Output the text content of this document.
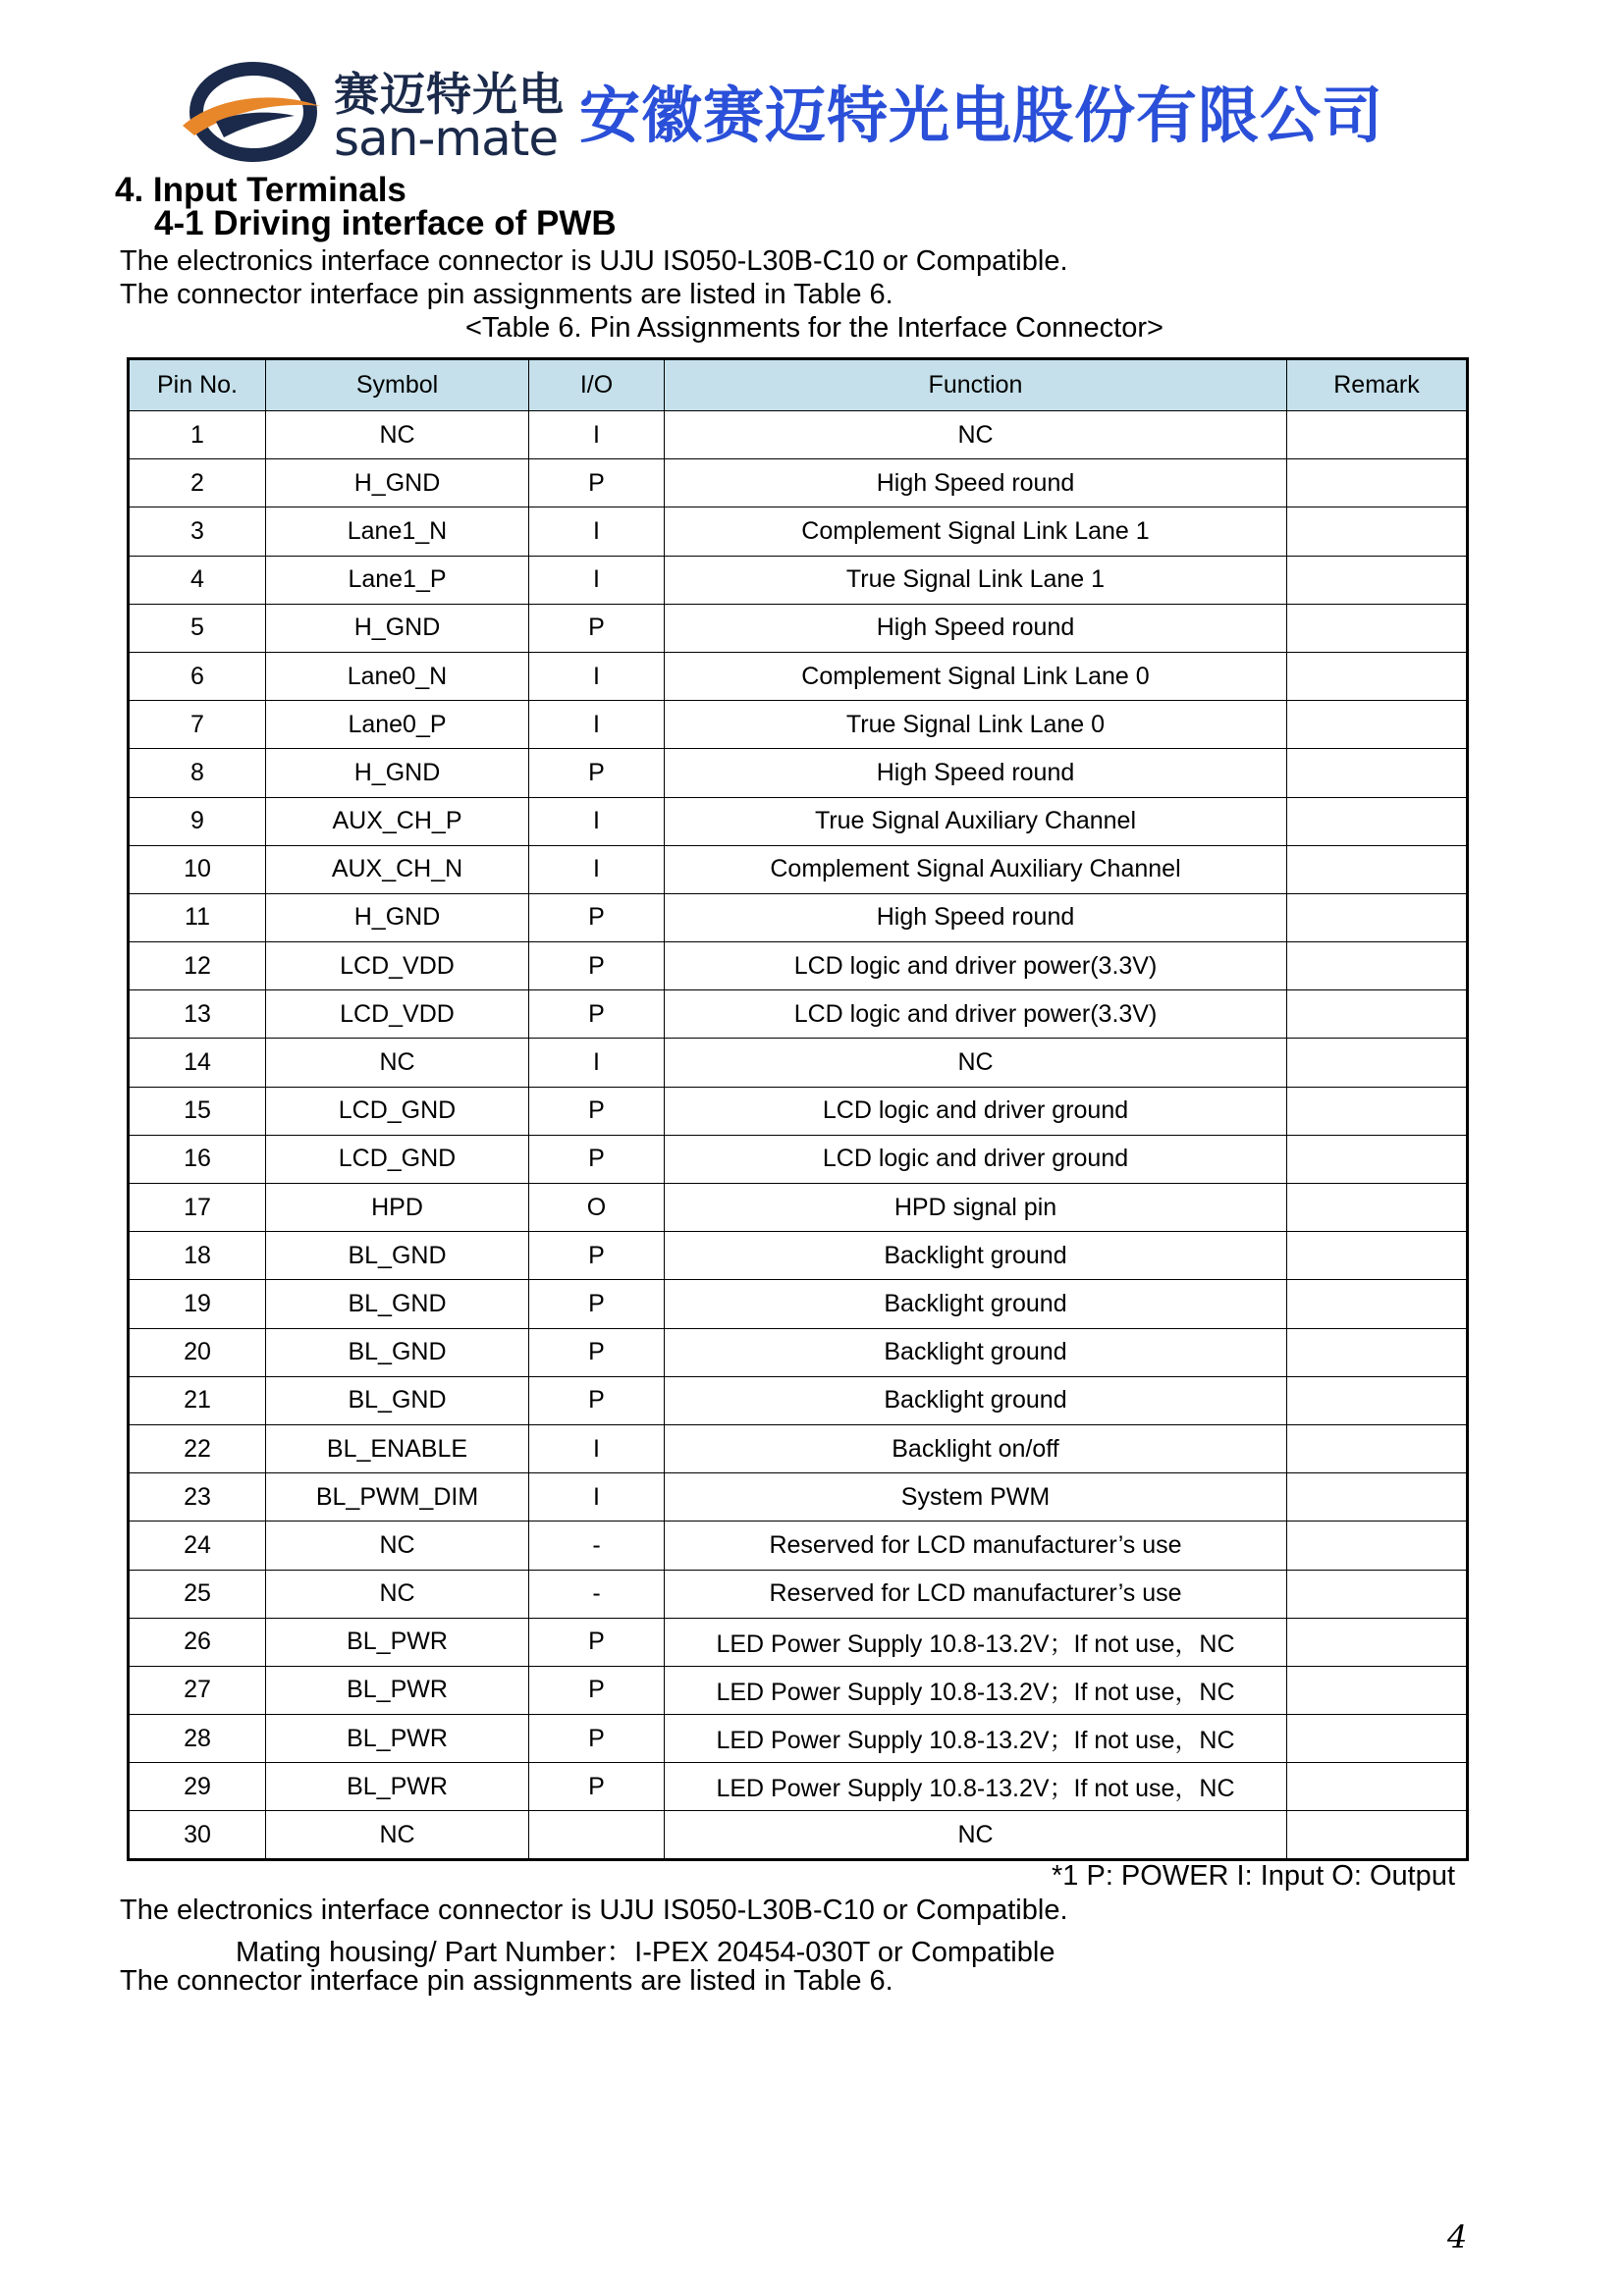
赛迈特光电
san-mate 安徽赛迈特光电股份有限公司
4. Input Terminals
4-1 Driving interface of PWB
The electronics interface connector is UJU IS050-L30B-C10 or Compatible.
The connector interface pin assignments are listed in Table 6.
<Table 6. Pin Assignments for the Interface Connector>
Pin No.	Symbol	I/O	Function	Remark
1	NC	I	NC	
2	H_GND	P	High Speed round	
3	Lane1_N	I	Complement Signal Link Lane 1	
4	Lane1_P	I	True Signal Link Lane 1	
5	H_GND	P	High Speed round	
6	Lane0_N	I	Complement Signal Link Lane 0	
7	Lane0_P	I	True Signal Link Lane 0	
8	H_GND	P	High Speed round	
9	AUX_CH_P	I	True Signal Auxiliary Channel	
10	AUX_CH_N	I	Complement Signal Auxiliary Channel	
11	H_GND	P	High Speed round	
12	LCD_VDD	P	LCD logic and driver power(3.3V)	
13	LCD_VDD	P	LCD logic and driver power(3.3V)	
14	NC	I	NC	
15	LCD_GND	P	LCD logic and driver ground	
16	LCD_GND	P	LCD logic and driver ground	
17	HPD	O	HPD signal pin	
18	BL_GND	P	Backlight ground	
19	BL_GND	P	Backlight ground	
20	BL_GND	P	Backlight ground	
21	BL_GND	P	Backlight ground	
22	BL_ENABLE	I	Backlight on/off	
23	BL_PWM_DIM	I	System PWM	
24	NC	-	Reserved for LCD manufacturer’s use	
25	NC	-	Reserved for LCD manufacturer’s use	
26	BL_PWR	P	LED Power Supply 10.8-13.2V；If not use，NC	
27	BL_PWR	P	LED Power Supply 10.8-13.2V；If not use，NC	
28	BL_PWR	P	LED Power Supply 10.8-13.2V；If not use，NC	
29	BL_PWR	P	LED Power Supply 10.8-13.2V；If not use，NC	
30	NC		NC	
*1 P: POWER I: Input O: Output
The electronics interface connector is UJU IS050-L30B-C10 or Compatible.
Mating housing/ Part Number：I-PEX 20454-030T or Compatible
The connector interface pin assignments are listed in Table 6.
4
